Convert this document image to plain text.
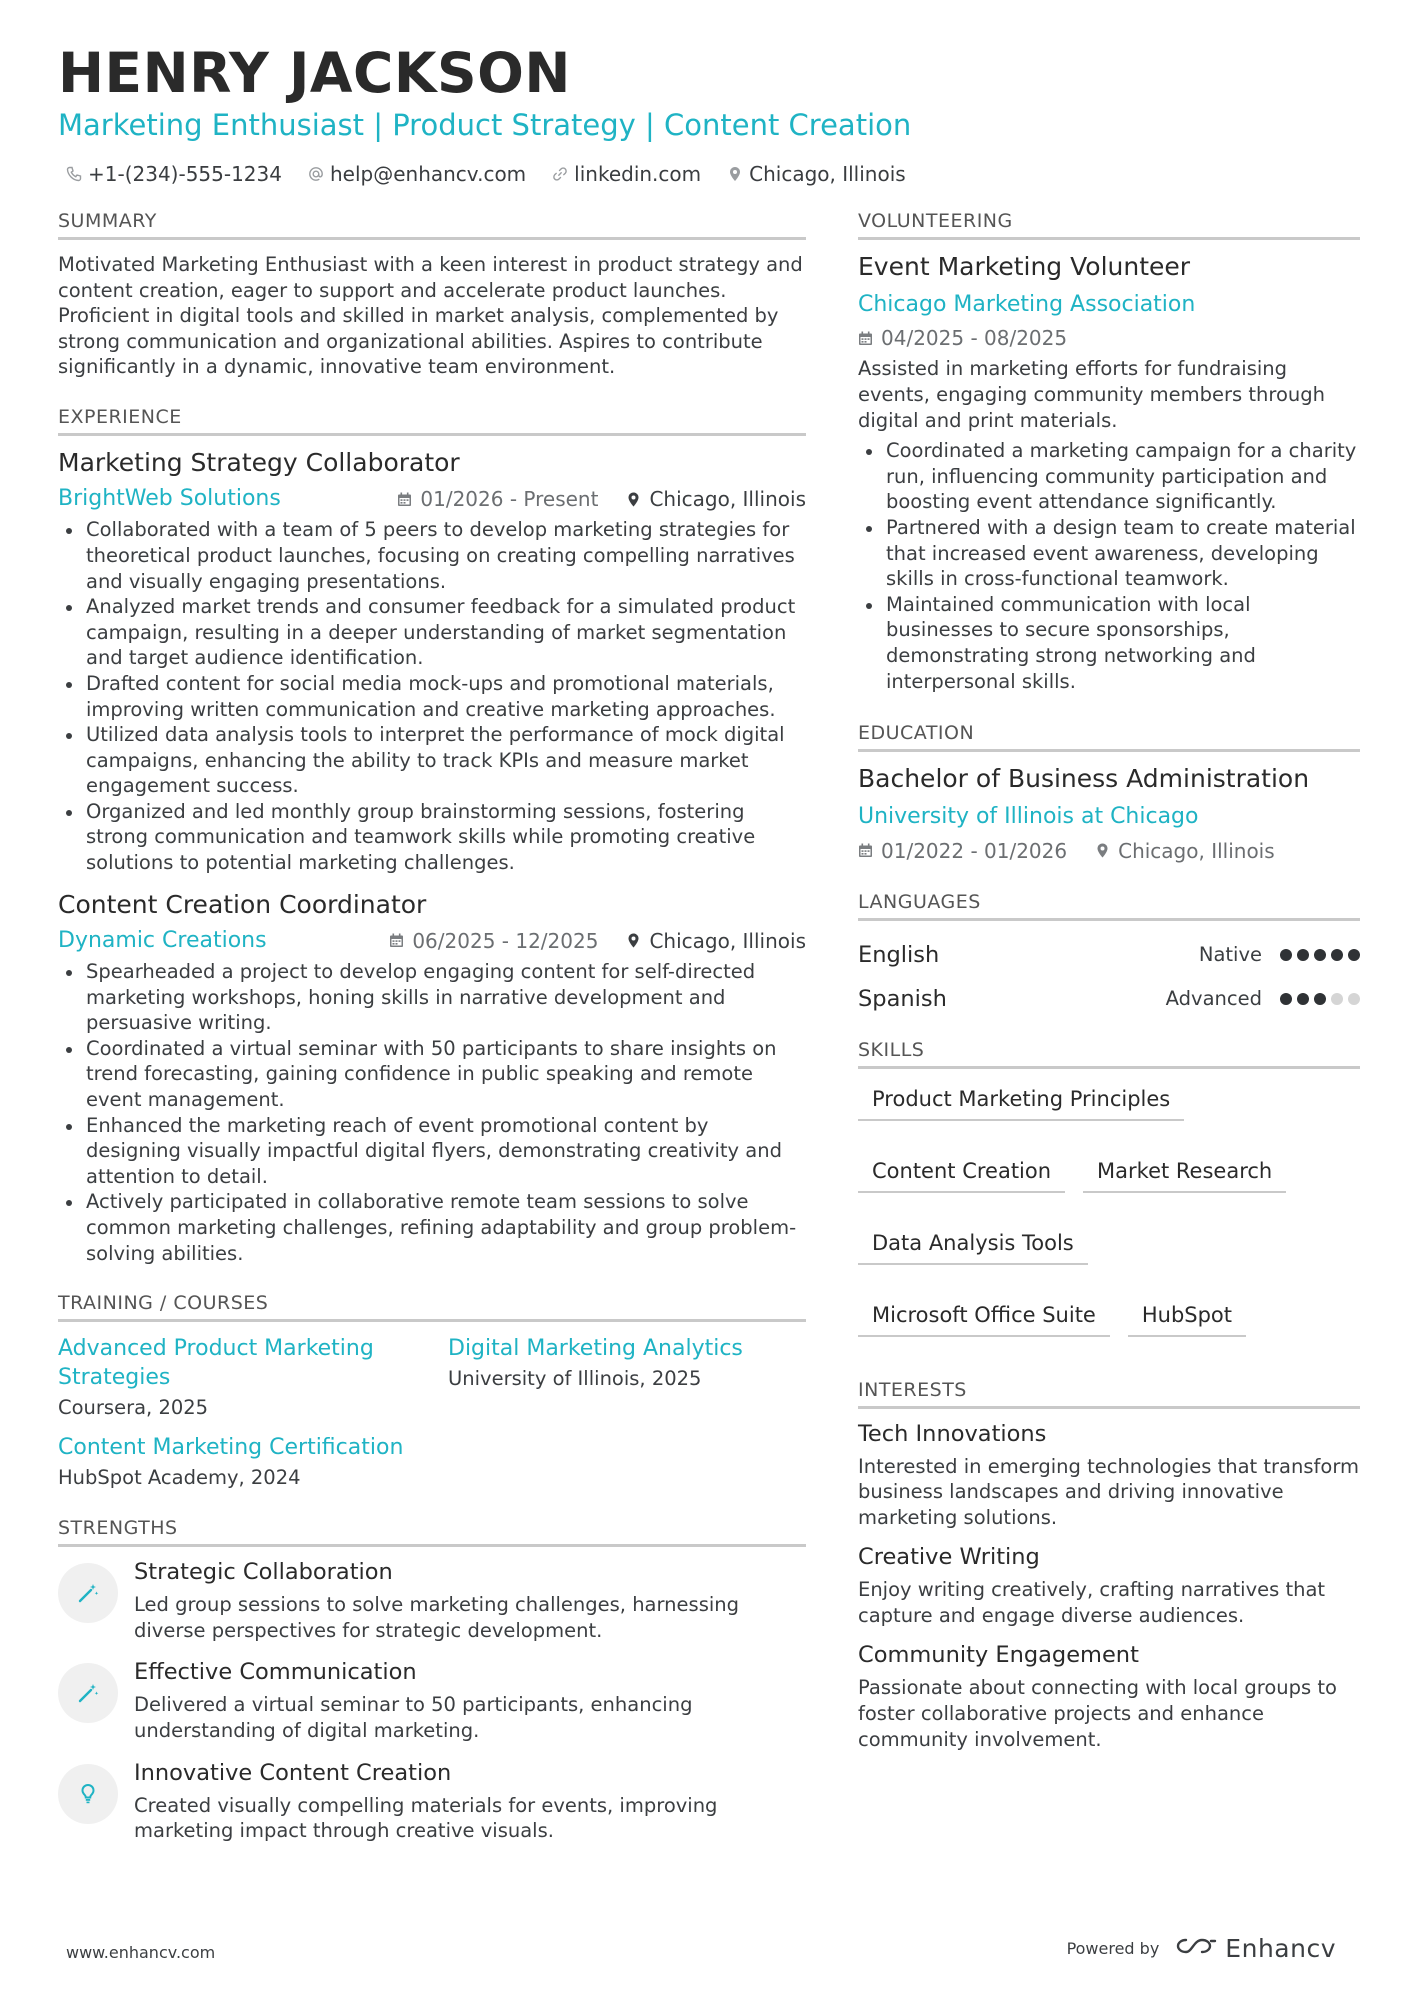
HENRY JACKSON
Marketing Enthusiast | Product Strategy | Content Creation
+1-(234)-555-1234 help@enhancv.com linkedin.com Chicago, Illinois
SUMMARY

Motivated Marketing Enthusiast with a keen interest in product strategy and content creation, eager to support and accelerate product launches. Proficient in digital tools and skilled in market analysis, complemented by strong communication and organizational abilities. Aspires to contribute significantly in a dynamic, innovative team environment.

EXPERIENCE
Marketing Strategy Collaborator
BrightWeb Solutions	01/2026 - Present	Chicago, Illinois
Collaborated with a team of 5 peers to develop marketing strategies for theoretical product launches, focusing on creating compelling narratives and visually engaging presentations.
Analyzed market trends and consumer feedback for a simulated product campaign, resulting in a deeper understanding of market segmentation and target audience identification.
Drafted content for social media mock-ups and promotional materials, improving written communication and creative marketing approaches.
Utilized data analysis tools to interpret the performance of mock digital campaigns, enhancing the ability to track KPIs and measure market engagement success.
Organized and led monthly group brainstorming sessions, fostering strong communication and teamwork skills while promoting creative solutions to potential marketing challenges.
Content Creation Coordinator
Dynamic Creations	06/2025 - 12/2025	Chicago, Illinois
Spearheaded a project to develop engaging content for self-directed marketing workshops, honing skills in narrative development and persuasive writing.
Coordinated a virtual seminar with 50 participants to share insights on trend forecasting, gaining confidence in public speaking and remote event management.
Enhanced the marketing reach of event promotional content by designing visually impactful digital flyers, demonstrating creativity and attention to detail.
Actively participated in collaborative remote team sessions to solve common marketing challenges, refining adaptability and group problem-solving abilities.
TRAINING / COURSES
Advanced Product Marketing Strategies
Coursera, 2025
Digital Marketing Analytics
University of Illinois, 2025
Content Marketing Certification
HubSpot Academy, 2024
STRENGTHS
Strategic Collaboration
Led group sessions to solve marketing challenges, harnessing diverse perspectives for strategic development.
Effective Communication
Delivered a virtual seminar to 50 participants, enhancing understanding of digital marketing.
Innovative Content Creation
Created visually compelling materials for events, improving marketing impact through creative visuals.
VOLUNTEERING
Event Marketing Volunteer
Chicago Marketing Association
04/2025 - 08/2025

Assisted in marketing efforts for fundraising events, engaging community members through digital and print materials.

Coordinated a marketing campaign for a charity run, influencing community participation and boosting event attendance significantly.
Partnered with a design team to create material that increased event awareness, developing skills in cross-functional teamwork.
Maintained communication with local businesses to secure sponsorships, demonstrating strong networking and interpersonal skills.
EDUCATION
Bachelor of Business Administration
University of Illinois at Chicago
01/2022 - 01/2026	Chicago, Illinois
LANGUAGES
English	Native
Spanish	Advanced
SKILLS
Product Marketing Principles
Content Creation	Market Research
Data Analysis Tools
Microsoft Office Suite	HubSpot
INTERESTS
Tech Innovations
Interested in emerging technologies that transform business landscapes and driving innovative marketing solutions.
Creative Writing
Enjoy writing creatively, crafting narratives that capture and engage diverse audiences.
Community Engagement
Passionate about connecting with local groups to foster collaborative projects and enhance community involvement.
www.enhancv.com	Powered by	Enhancv
